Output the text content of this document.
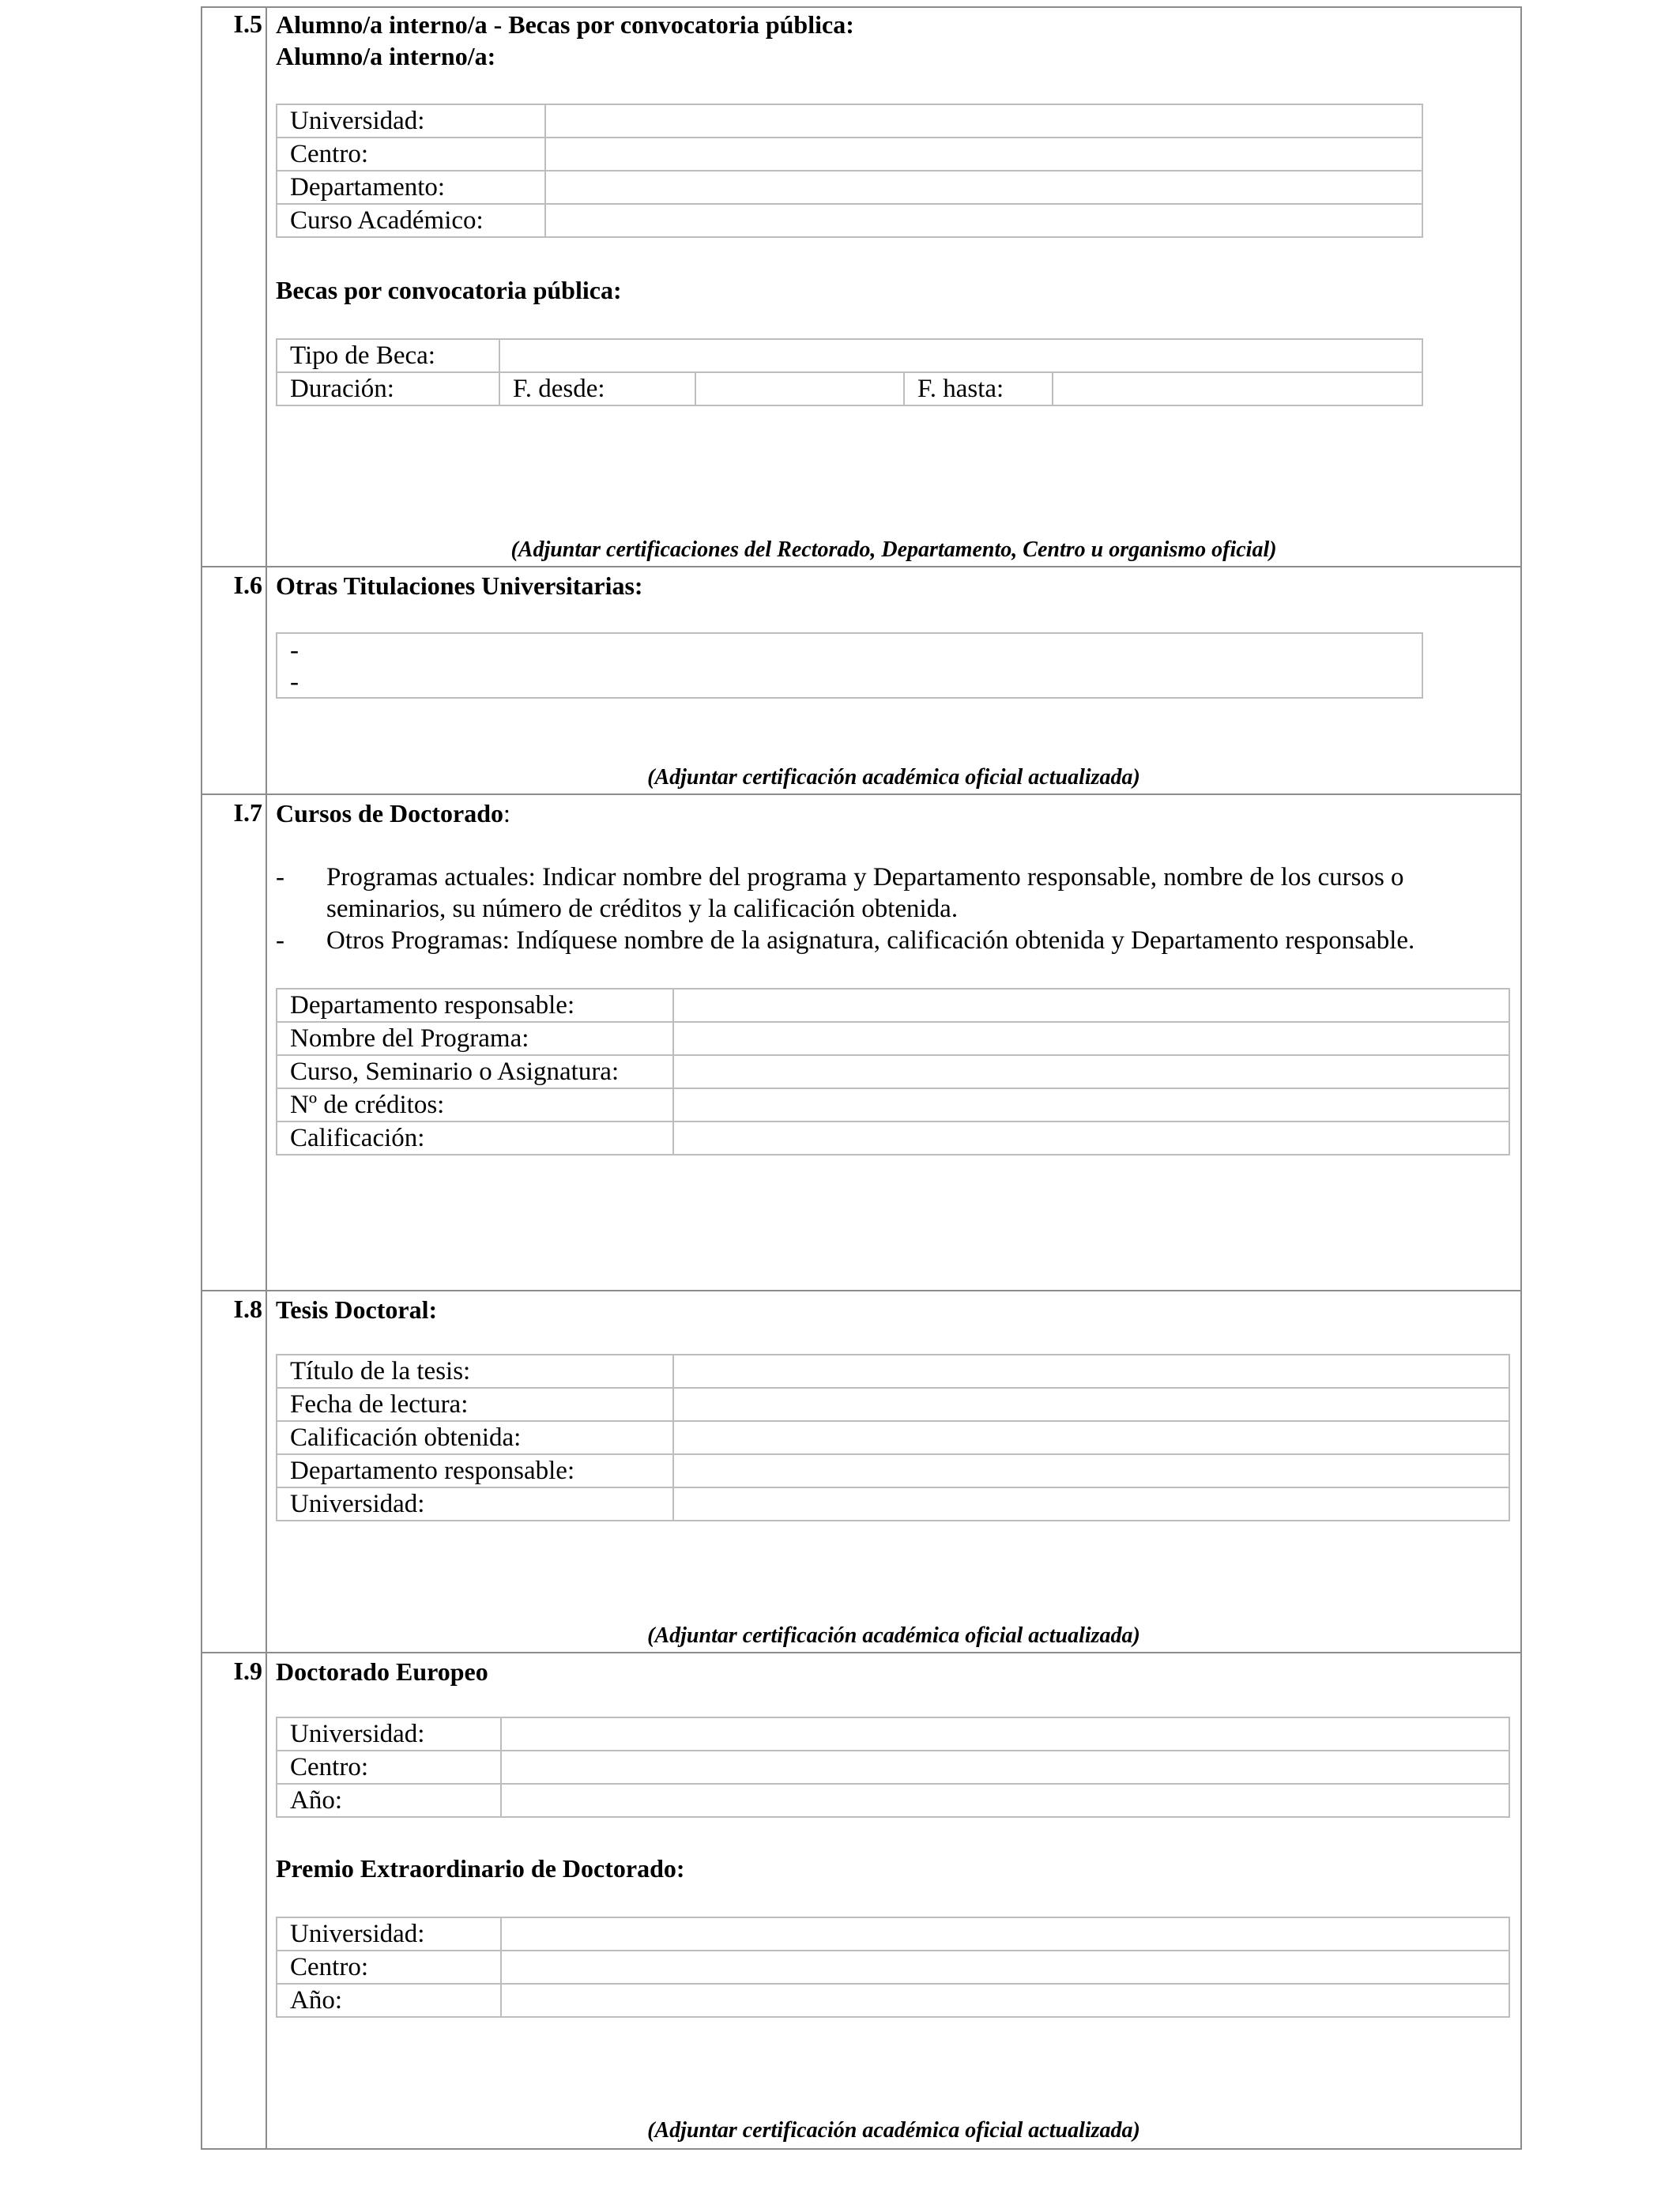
I.5 Alumno/a interno/a - Becas por convocatoria pública:
Alumno/a interno/a:
Universidad:	
Centro:	
Departamento:	
Curso Académico:	
Becas por convocatoria pública:
Tipo de Beca:				
Duración:	F. desde:		F. hasta:	
(Adjuntar certificaciones del Rectorado, Departamento, Centro u organismo oficial)
I.6 Otras Titulaciones Universitarias:
-
-
(Adjuntar certificación académica oficial actualizada)
I.7 Cursos de Doctorado:
- Programas actuales: Indicar nombre del programa y Departamento responsable, nombre de los cursos o
seminarios, su número de créditos y la calificación obtenida.
- Otros Programas: Indíquese nombre de la asignatura, calificación obtenida y Departamento responsable.
Departamento responsable:	
Nombre del Programa:	
Curso, Seminario o Asignatura:	
Nº de créditos:	
Calificación:	
I.8 Tesis Doctoral:
Título de la tesis:	
Fecha de lectura:	
Calificación obtenida:	
Departamento responsable:	
Universidad:	
(Adjuntar certificación académica oficial actualizada)
I.9 Doctorado Europeo
Universidad:	
Centro:	
Año:	
Premio Extraordinario de Doctorado:
Universidad:	
Centro:	
Año:	
(Adjuntar certificación académica oficial actualizada)
